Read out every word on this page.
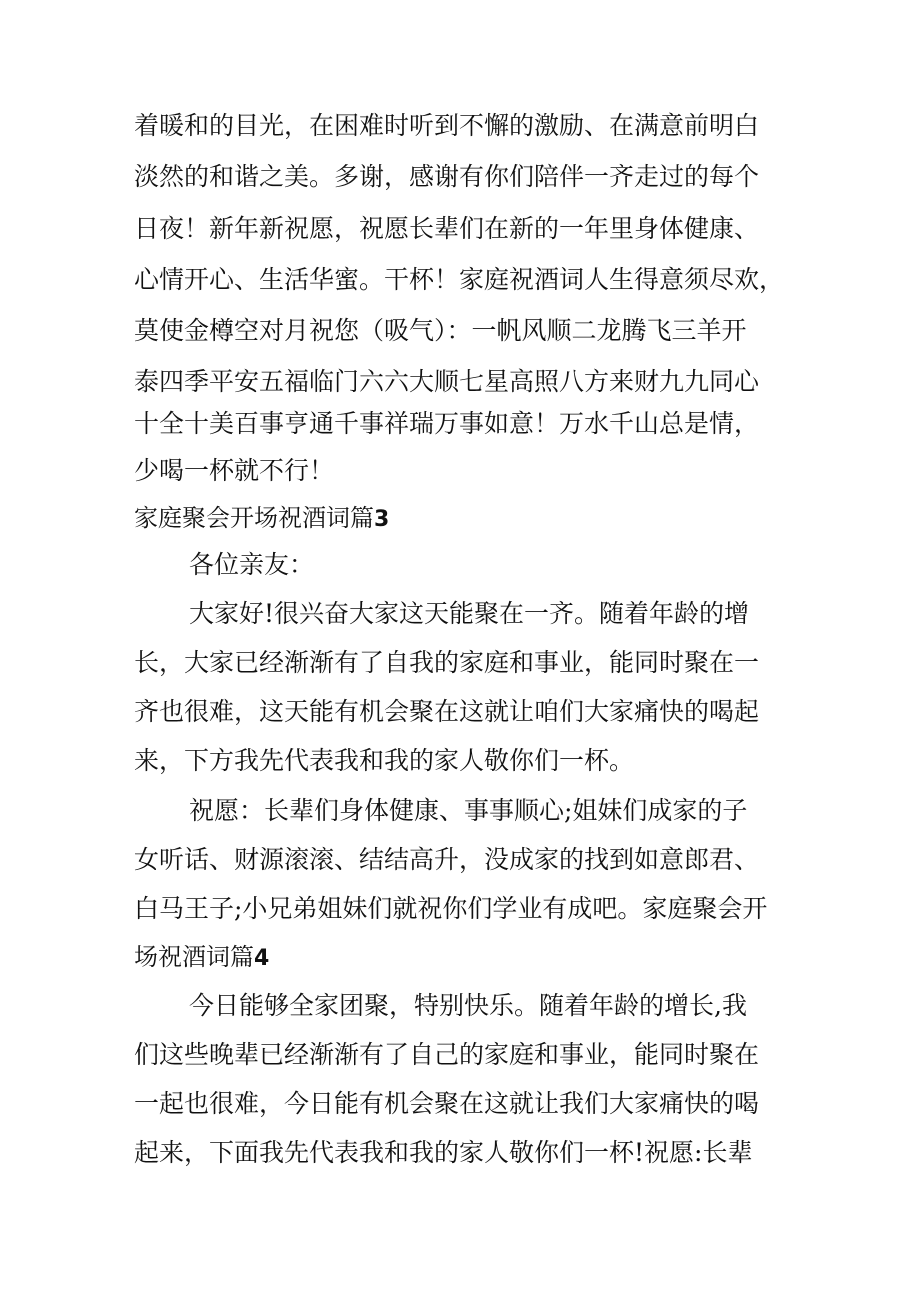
着暖和的目光，在困难时听到不懈的激励、在满意前明白
淡然的和谐之美。多谢，感谢有你们陪伴一齐走过的每个
日夜！新年新祝愿，祝愿长辈们在新的一年里身体健康、
心情开心、生活华蜜。干杯！家庭祝酒词人生得意须尽欢，
莫使金樽空对月祝您（吸气）：一帆风顺二龙腾飞三羊开
泰四季平安五福临门六六大顺七星高照八方来财九九同心
十全十美百事亨通千事祥瑞万事如意！万水千山总是情，
少喝一杯就不行！
家庭聚会开场祝酒词篇3
各位亲友：
大家好!很兴奋大家这天能聚在一齐。随着年龄的增
长，大家已经渐渐有了自我的家庭和事业，能同时聚在一
齐也很难，这天能有机会聚在这就让咱们大家痛快的喝起
来，下方我先代表我和我的家人敬你们一杯。
祝愿：长辈们身体健康、事事顺心;姐妹们成家的子
女听话、财源滚滚、结结高升，没成家的找到如意郎君、
白马王子;小兄弟姐妹们就祝你们学业有成吧。家庭聚会开
场祝酒词篇4
今日能够全家团聚，特别快乐。随着年龄的增长,我
们这些晚辈已经渐渐有了自己的家庭和事业，能同时聚在
一起也很难，今日能有机会聚在这就让我们大家痛快的喝
起来，下面我先代表我和我的家人敬你们一杯!祝愿:长辈
